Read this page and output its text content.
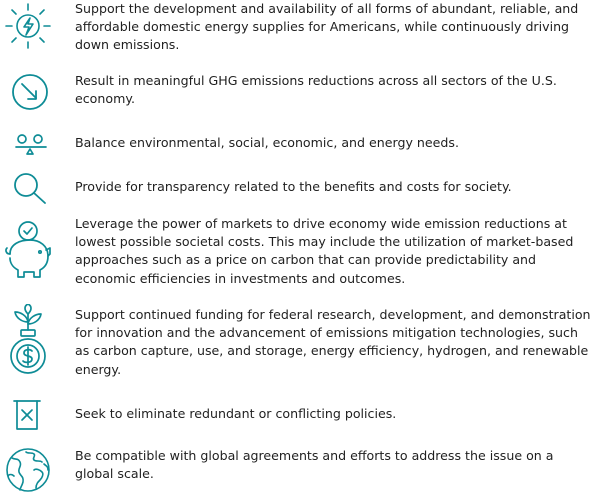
Support the development and availability of all forms of abundant, reliable, and affordable domestic energy supplies for Americans, while continuously driving down emissions.

Result in meaningful GHG emissions reductions across all sectors of the U.S. economy.

Balance environmental, social, economic, and energy needs.

Provide for transparency related to the benefits and costs for society.

Leverage the power of markets to drive economy wide emission reductions at lowest possible societal costs. This may include the utilization of market-based approaches such as a price on carbon that can provide predictability and economic efficiencies in investments and outcomes.

Support continued funding for federal research, development, and demonstration for innovation and the advancement of emissions mitigation technologies, such as carbon capture, use, and storage, energy efficiency, hydrogen, and renewable energy.

Seek to eliminate redundant or conflicting policies.

Be compatible with global agreements and efforts to address the issue on a global scale.
